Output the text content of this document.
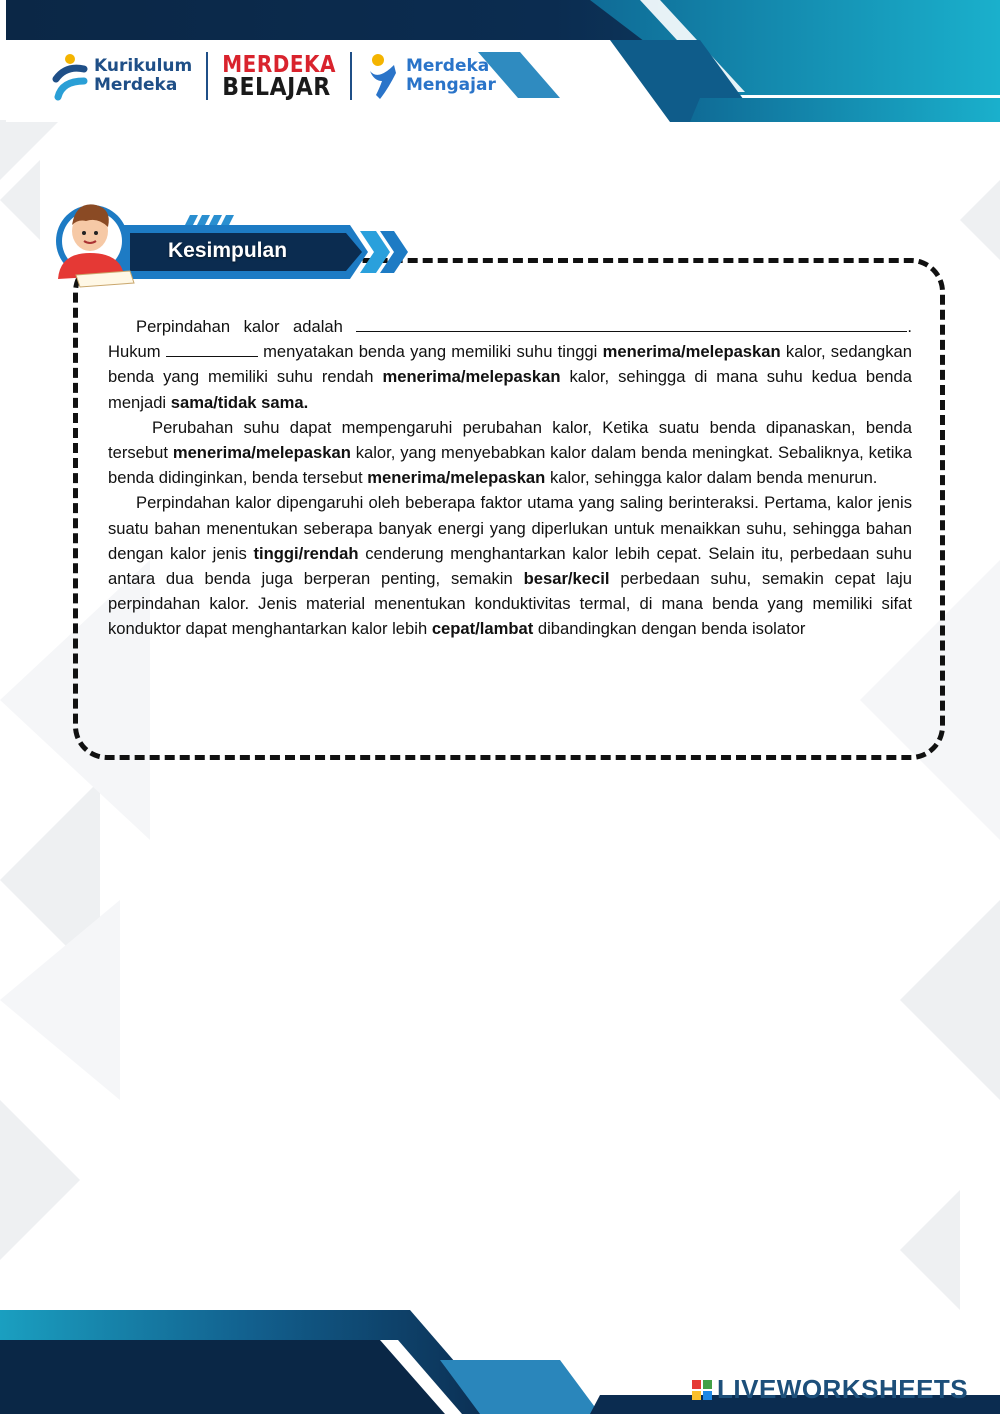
Kurikulum
Merdeka
MERDEKA
BELAJAR
Merdeka
Mengajar
Kesimpulan

Perpindahan kalor adalah	. Hukum	menyatakan benda yang memiliki suhu tinggi menerima/melepaskan kalor, sedangkan benda yang memiliki suhu rendah menerima/melepaskan kalor, sehingga di mana suhu kedua benda menjadi sama/tidak sama.

Perubahan suhu dapat mempengaruhi perubahan kalor, Ketika suatu benda dipanaskan, benda tersebut menerima/melepaskan kalor, yang menyebabkan kalor dalam benda meningkat. Sebaliknya, ketika benda didinginkan, benda tersebut menerima/melepaskan kalor, sehingga kalor dalam benda menurun.

Perpindahan kalor dipengaruhi oleh beberapa faktor utama yang saling berinteraksi. Pertama, kalor jenis suatu bahan menentukan seberapa banyak energi yang diperlukan untuk menaikkan suhu, sehingga bahan dengan kalor jenis tinggi/rendah cenderung menghantarkan kalor lebih cepat. Selain itu, perbedaan suhu antara dua benda juga berperan penting, semakin besar/kecil perbedaan suhu, semakin cepat laju perpindahan kalor. Jenis material menentukan konduktivitas termal, di mana benda yang memiliki sifat konduktor dapat menghantarkan kalor lebih cepat/lambat dibandingkan dengan benda isolator

LIVEWORKSHEETS
